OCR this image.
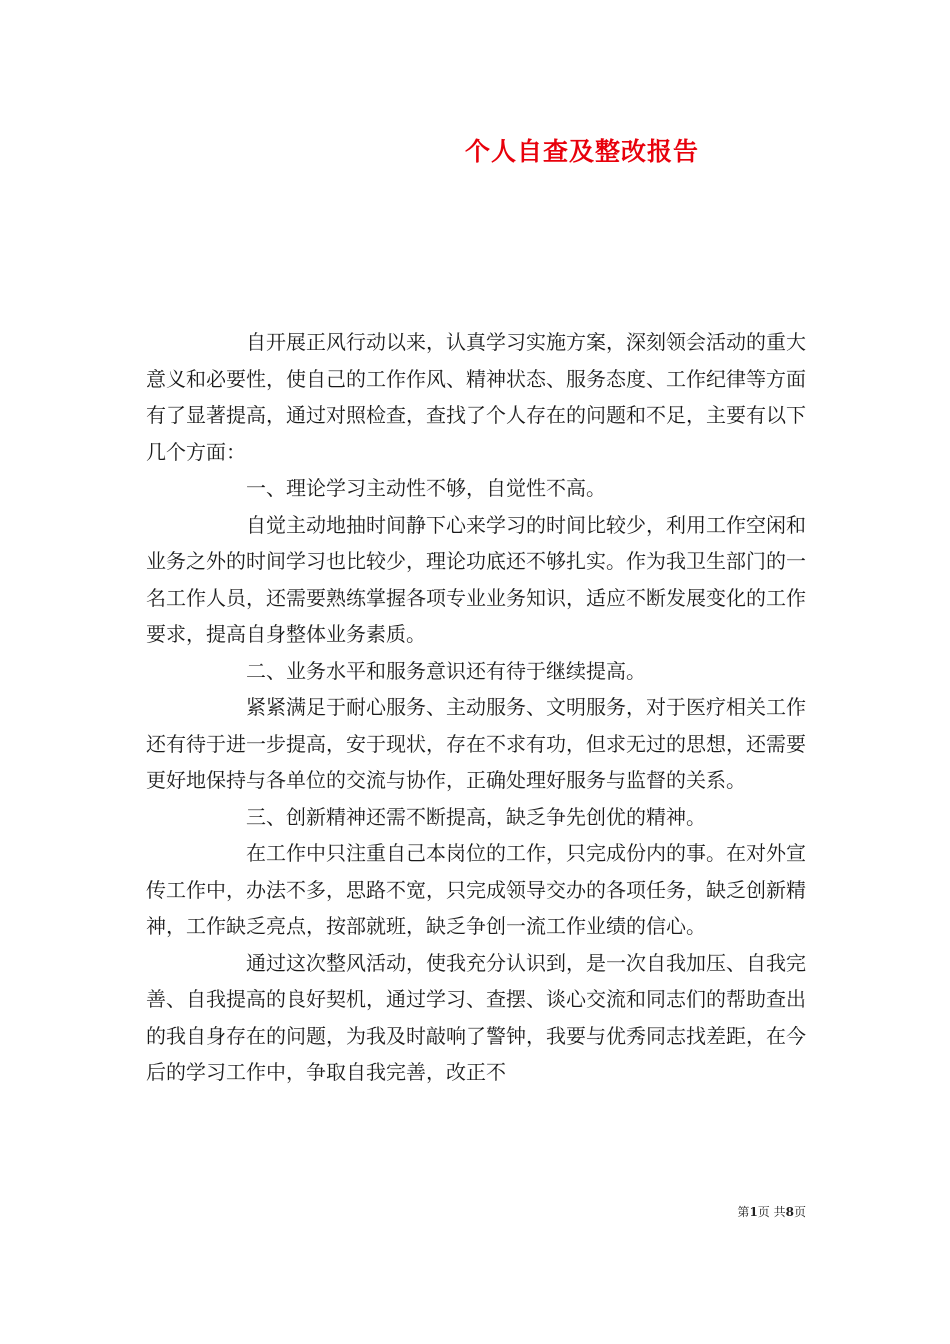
个人自查及整改报告

自开展正风行动以来，认真学习实施方案，深刻领会活动的重大意义和必要性，使自己的工作作风、精神状态、服务态度、工作纪律等方面有了显著提高，通过对照检查，查找了个人存在的问题和不足，主要有以下几个方面：

一、理论学习主动性不够，自觉性不高。

自觉主动地抽时间静下心来学习的时间比较少，利用工作空闲和业务之外的时间学习也比较少，理论功底还不够扎实。作为我卫生部门的一名工作人员，还需要熟练掌握各项专业业务知识，适应不断发展变化的工作要求，提高自身整体业务素质。

二、业务水平和服务意识还有待于继续提高。

紧紧满足于耐心服务、主动服务、文明服务，对于医疗相关工作还有待于进一步提高，安于现状，存在不求有功，但求无过的思想，还需要更好地保持与各单位的交流与协作，正确处理好服务与监督的关系。

三、创新精神还需不断提高，缺乏争先创优的精神。

在工作中只注重自己本岗位的工作，只完成份内的事。在对外宣传工作中，办法不多，思路不宽，只完成领导交办的各项任务，缺乏创新精神，工作缺乏亮点，按部就班，缺乏争创一流工作业绩的信心。

通过这次整风活动，使我充分认识到，是一次自我加压、自我完善、自我提高的良好契机，通过学习、查摆、谈心交流和同志们的帮助查出的我自身存在的问题，为我及时敲响了警钟，我要与优秀同志找差距，在今后的学习工作中，争取自我完善，改正不

第1页 共8页
